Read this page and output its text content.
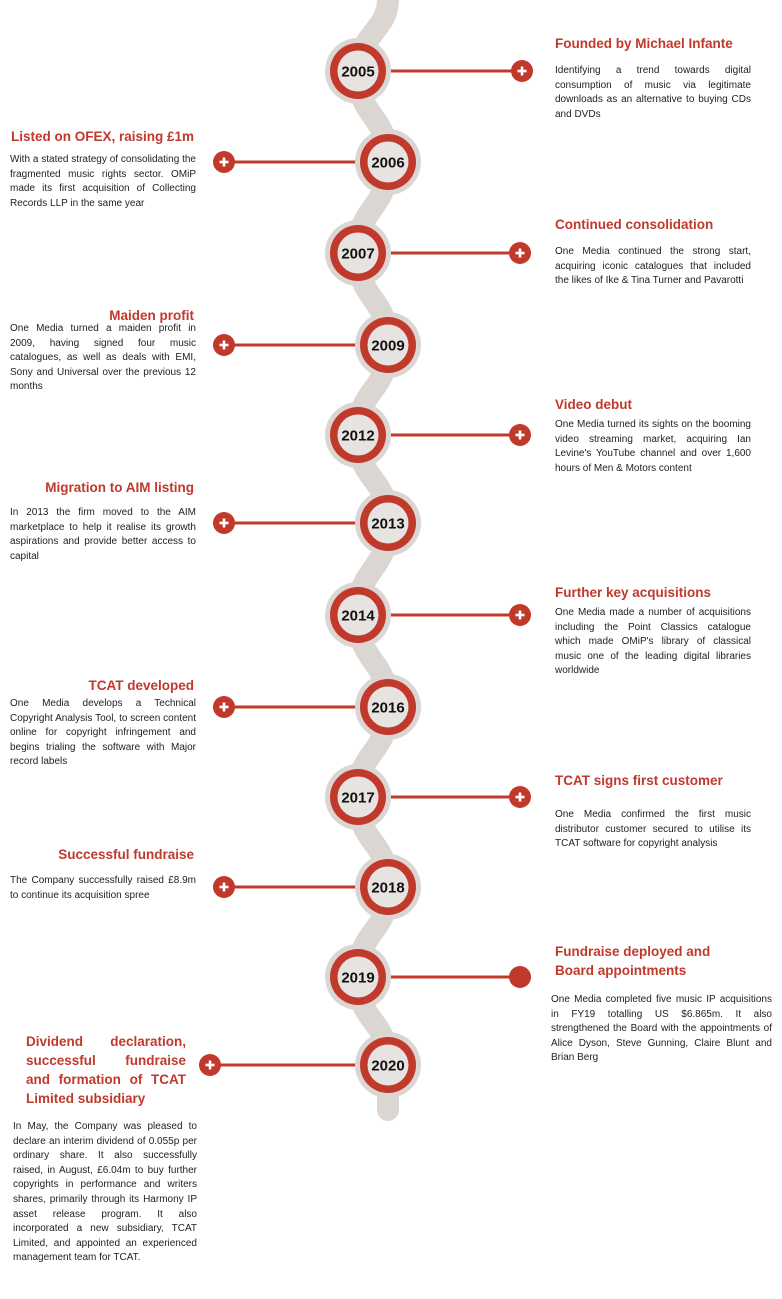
2005
2006
2007
2009
2012
2013
2014
2016
2017
2018
2019
2020
Founded by Michael Infante
Identifying a trend towards digital consumption of music via legitimate downloads as an alternative to buying CDs and DVDs
Listed on OFEX, raising £1m
With a stated strategy of consolidating the fragmented music rights sector. OMiP made its first acquisition of Collecting Records LLP in the same year
Continued consolidation
One Media continued the strong start, acquiring iconic catalogues that included the likes of Ike & Tina Turner and Pavarotti
Maiden profit
One Media turned a maiden profit in 2009, having signed four music catalogues, as well as deals with EMI, Sony and Universal over the previous 12 months
Video debut
One Media turned its sights on the booming video streaming market, acquiring Ian Levine's YouTube channel and over 1,600 hours of Men & Motors content
Migration to AIM listing
In 2013 the firm moved to the AIM marketplace to help it realise its growth aspirations and provide better access to capital
Further key acquisitions
One Media made a number of acquisitions including the Point Classics catalogue which made OMiP's library of classical music one of the leading digital libraries worldwide
TCAT developed
One Media develops a Technical Copyright Analysis Tool, to screen content online for copyright infringement and begins trialing the software with Major record labels
TCAT signs first customer
One Media confirmed the first music distributor customer secured to utilise its TCAT software for copyright analysis
Successful fundraise
The Company successfully raised £8.9m to continue its acquisition spree
Fundraise deployed and Board appointments
One Media completed five music IP acquisitions in FY19 totalling US $6.865m. It also strengthened the Board with the appointments of Alice Dyson, Steve Gunning, Claire Blunt and Brian Berg
Dividend declaration, successful fundraise and formation of TCAT Limited subsidiary
In May, the Company was pleased to declare an interim dividend of 0.055p per ordinary share. It also successfully raised, in August, £6.04m to buy further copyrights in performance and writers shares, primarily through its Harmony IP asset release program. It also incorporated a new subsidiary, TCAT Limited, and appointed an experienced management team for TCAT.
